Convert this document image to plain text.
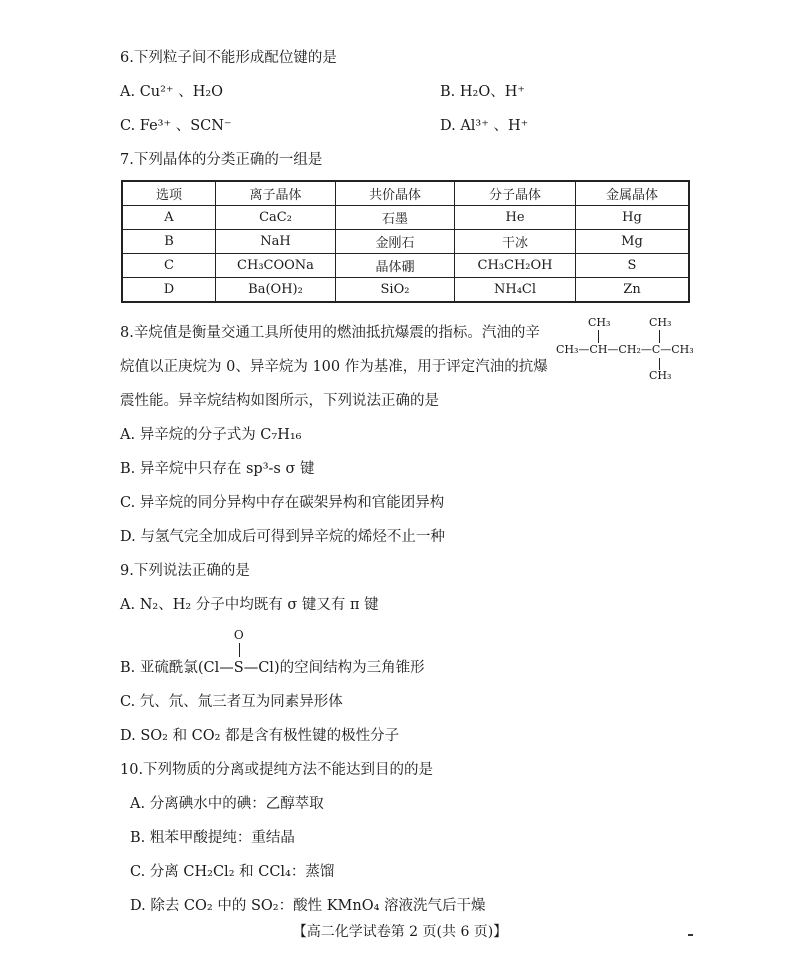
6.下列粒子间不能形成配位键的是
A. Cu²⁺ 、H₂O	B. H₂O、H⁺
C. Fe³⁺ 、SCN⁻	D. Al³⁺ 、H⁺
7.下列晶体的分类正确的一组是
选项	离子晶体	共价晶体	分子晶体	金属晶体
A	CaC₂	石墨	He	Hg
B	NaH	金刚石	干冰	Mg
C	CH₃COONa	晶体硼	CH₃CH₂OH	S
D	Ba(OH)₂	SiO₂	NH₄Cl	Zn
8.辛烷值是衡量交通工具所使用的燃油抵抗爆震的指标。汽油的辛
烷值以正庚烷为 0、异辛烷为 100 作为基准，用于评定汽油的抗爆
震性能。异辛烷结构如图所示，下列说法正确的是
A. 异辛烷的分子式为 C₇H₁₆
B. 异辛烷中只存在 sp³-s σ 键
C. 异辛烷的同分异构中存在碳架异构和官能团异构
D. 与氢气完全加成后可得到异辛烷的烯烃不止一种
CH₃	CH₃
CH₃—CH—CH₂—C—CH₃
CH₃
9.下列说法正确的是
A. N₂、H₂ 分子中均既有 σ 键又有 π 键
B. 亚硫酰氯(
O
Cl—S—Cl)的空间结构为三角锥形
C. 氕、氘、氚三者互为同素异形体
D. SO₂ 和 CO₂ 都是含有极性键的极性分子
10.下列物质的分离或提纯方法不能达到目的的是
A. 分离碘水中的碘：乙醇萃取
B. 粗苯甲酸提纯：重结晶
C. 分离 CH₂Cl₂ 和 CCl₄：蒸馏
D. 除去 CO₂ 中的 SO₂：酸性 KMnO₄ 溶液洗气后干燥
【高二化学试卷第 2 页(共 6 页)】
